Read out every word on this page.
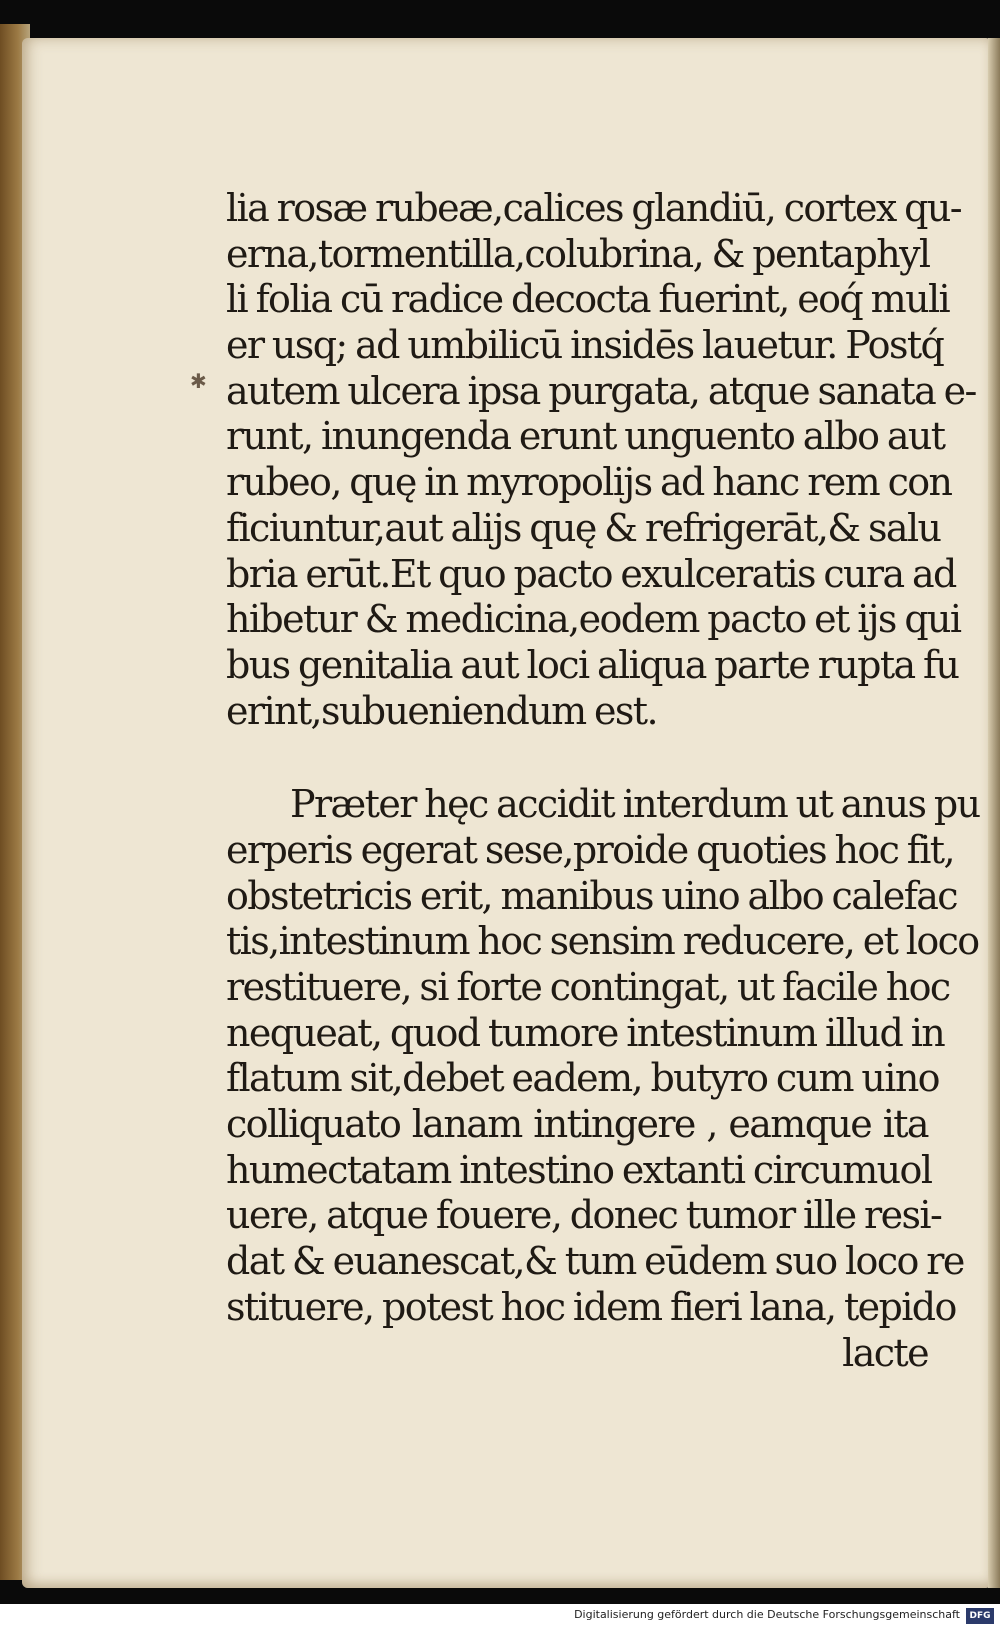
✱
lia rosæ rubeæ,calices glandiū, cortex qu-
erna,tormentilla,colubrina, & pentaphyl
li folia cū radice decocta fuerint, eoq́ muli
er usq; ad umbilicū insidēs lauetur. Postq́
autem ulcera ipsa purgata, atque sanata e-
runt, inungenda erunt unguento albo aut
rubeo, quę in myropolijs ad hanc rem con
ficiuntur,aut alijs quę & refrigerāt,& salu
bria erūt.Et quo pacto exulceratis cura ad
hibetur & medicina,eodem pacto et ijs qui
bus genitalia aut loci aliqua parte rupta fu
erint,subueniendum est.
Præter hęc accidit interdum ut anus pu
erperis egerat sese,proide quoties hoc fit,
obstetricis erit, manibus uino albo calefac
tis,intestinum hoc sensim reducere, et loco
restituere, si forte contingat, ut facile hoc
nequeat, quod tumore intestinum illud in
flatum sit,debet eadem, butyro cum uino
colliquato lanam intingere , eamque ita
humectatam intestino extanti circumuol
uere, atque fouere, donec tumor ille resi-
dat & euanescat,& tum eūdem suo loco re
stituere, potest hoc idem fieri lana, tepido
lacte
Digitalisierung gefördert durch die Deutsche Forschungsgemeinschaft	DFG
